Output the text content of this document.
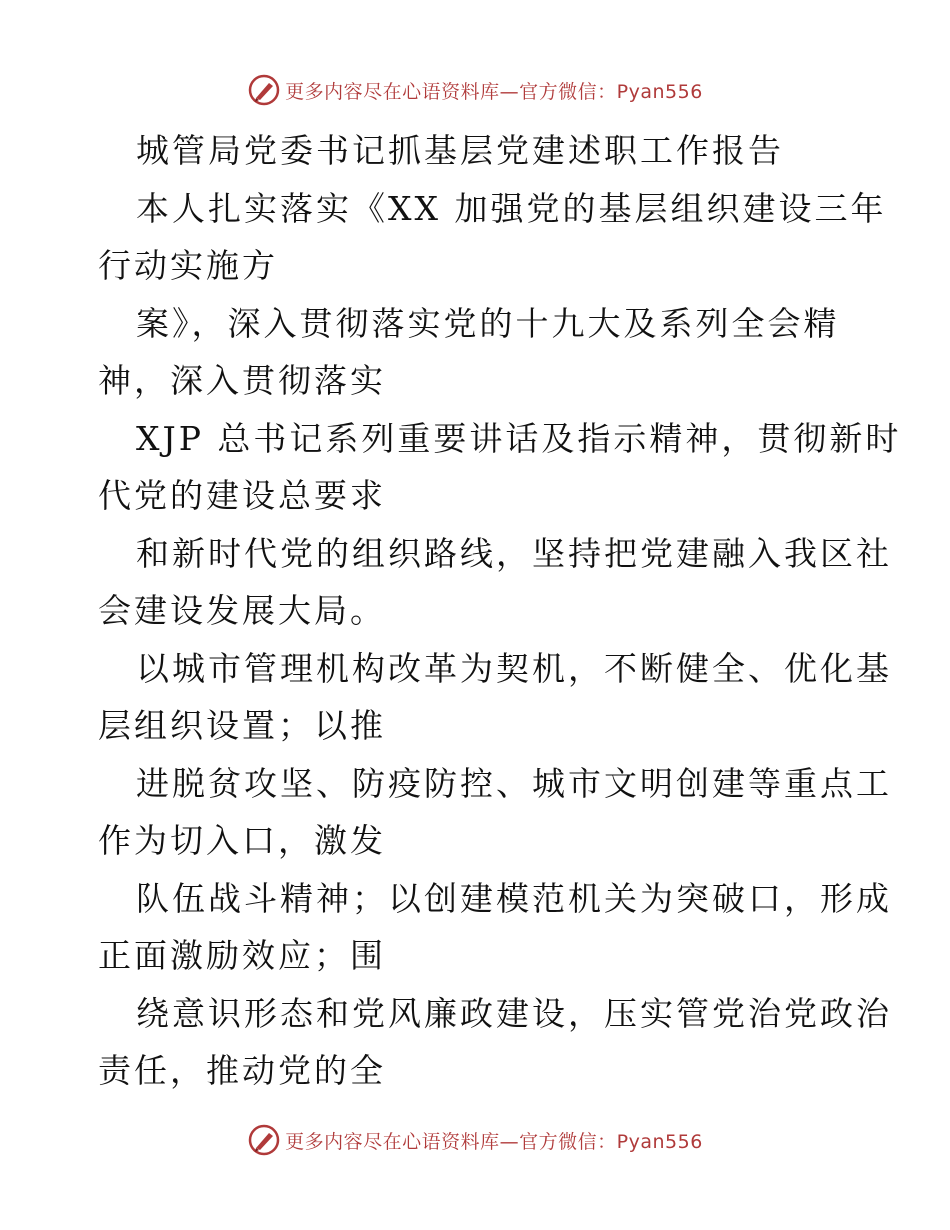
更多内容尽在心语资料库—官方微信：Pyan556
城管局党委书记抓基层党建述职工作报告
本人扎实落实《XX 加强党的基层组织建设三年
行动实施方
案》，深入贯彻落实党的十九大及系列全会精
神，深入贯彻落实
XJP 总书记系列重要讲话及指示精神，贯彻新时
代党的建设总要求
和新时代党的组织路线，坚持把党建融入我区社
会建设发展大局。
以城市管理机构改革为契机，不断健全、优化基
层组织设置；以推
进脱贫攻坚、防疫防控、城市文明创建等重点工
作为切入口，激发
队伍战斗精神；以创建模范机关为突破口，形成
正面激励效应；围
绕意识形态和党风廉政建设，压实管党治党政治
责任，推动党的全
更多内容尽在心语资料库—官方微信：Pyan556
